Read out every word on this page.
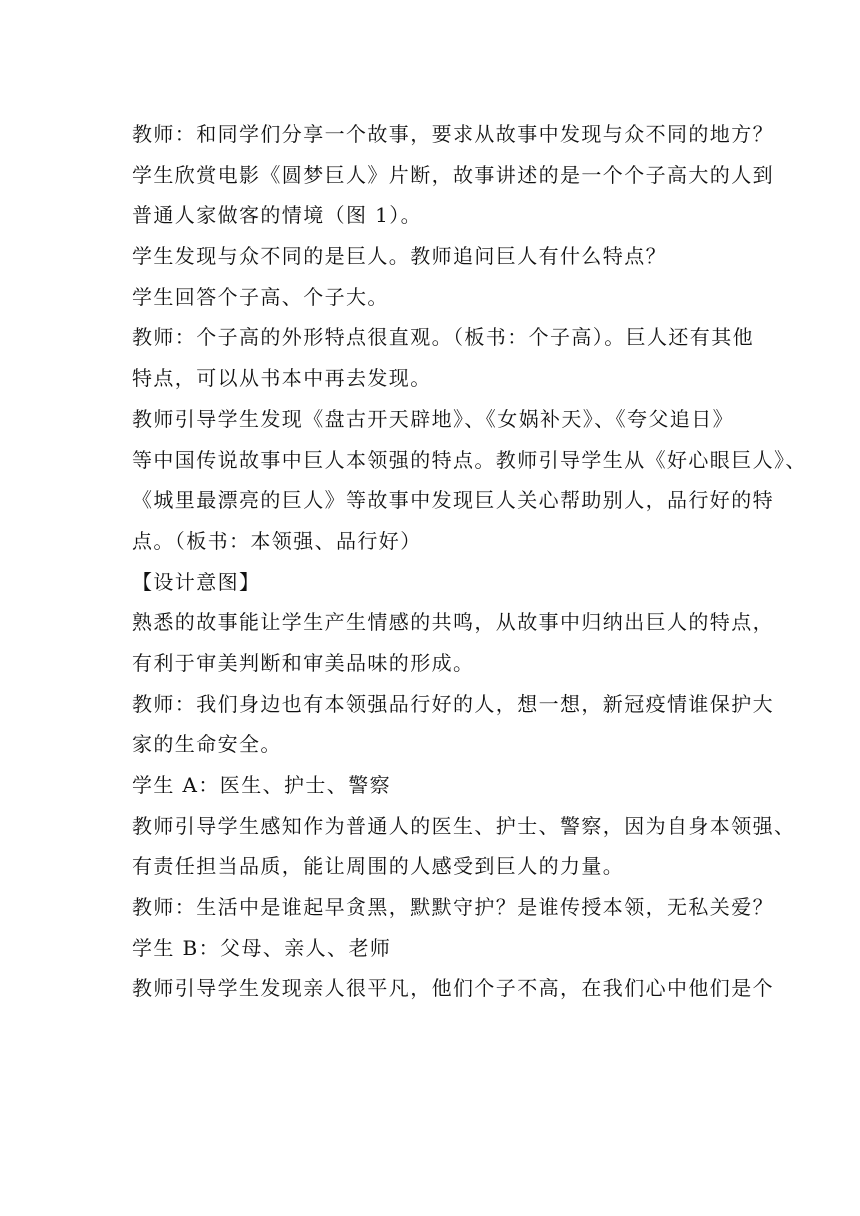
教师：和同学们分享一个故事，要求从故事中发现与众不同的地方？
学生欣赏电影《圆梦巨人》片断，故事讲述的是一个个子高大的人到
普通人家做客的情境（图 1）。
学生发现与众不同的是巨人。教师追问巨人有什么特点？
学生回答个子高、个子大。
教师：个子高的外形特点很直观。（板书：个子高）。巨人还有其他
特点，可以从书本中再去发现。
教师引导学生发现《盘古开天辟地》、《女娲补天》、《夸父追日》
等中国传说故事中巨人本领强的特点。教师引导学生从《好心眼巨人》、
《城里最漂亮的巨人》等故事中发现巨人关心帮助别人，品行好的特
点。（板书：本领强、品行好）
【设计意图】
熟悉的故事能让学生产生情感的共鸣，从故事中归纳出巨人的特点，
有利于审美判断和审美品味的形成。
教师：我们身边也有本领强品行好的人，想一想，新冠疫情谁保护大
家的生命安全。
学生 A：医生、护士、警察
教师引导学生感知作为普通人的医生、护士、警察，因为自身本领强、
有责任担当品质，能让周围的人感受到巨人的力量。
教师：生活中是谁起早贪黑，默默守护？是谁传授本领，无私关爱？
学生 B：父母、亲人、老师
教师引导学生发现亲人很平凡，他们个子不高，在我们心中他们是个
